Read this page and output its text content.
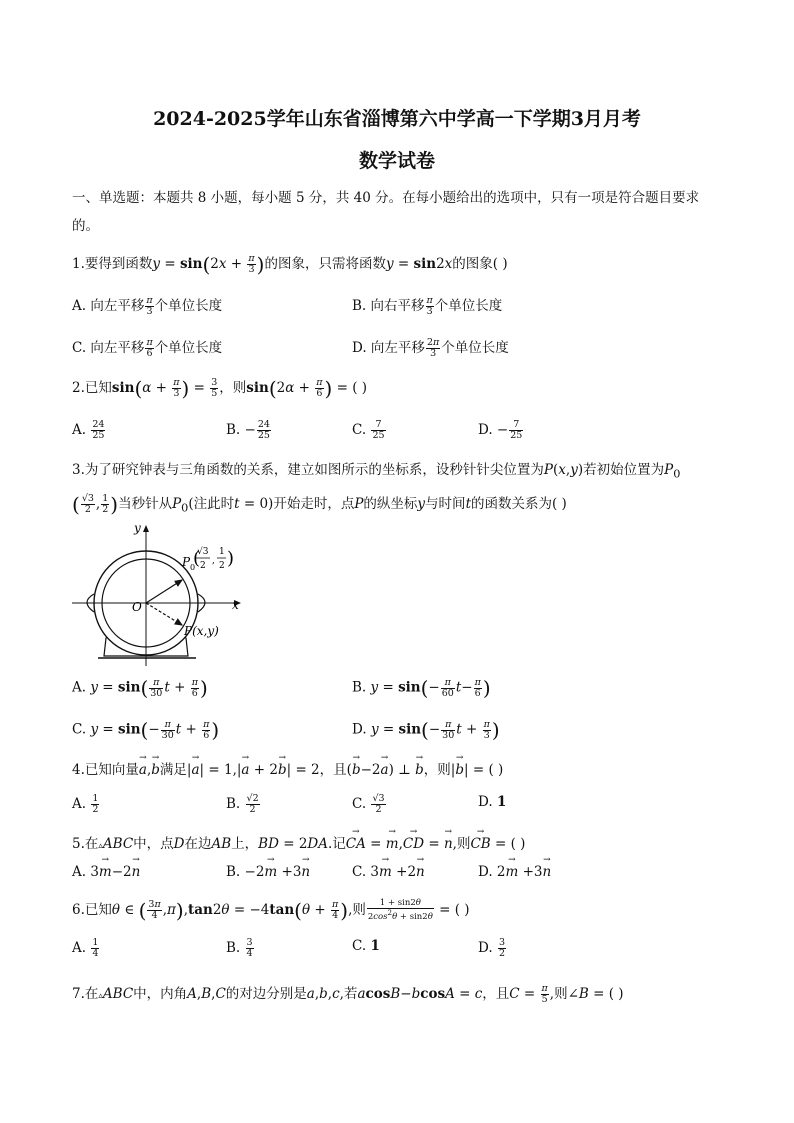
2024-2025学年山东省淄博第六中学高一下学期3月月考
数学试卷
一、单选题：本题共 8 小题，每小题 5 分，共 40 分。在每小题给出的选项中，只有一项是符合题目要求
的。
1.要得到函数$y = \sin(2x + \frac{\pi}{3}$ )的图象，只需将函数y = sin2x的图象( )
A. 向左平移 $\frac{\pi}{3}$ 个单位长度	B. 向右平移 $\frac{\pi}{3}$ 个单位长度
C. 向左平移 $\frac{\pi}{6}$ 个单位长度	D. 向左平移 $\frac{2\pi}{3}$ 个单位长度
2.已知$\sin(\alpha + \frac{\pi}{3}$ ) = $\frac{3}{5}$ ，则$\sin(2\alpha + \frac{\pi}{6}$ ) = ( )
A. $\frac{24}{25}$	B. − $\frac{24}{25}$	C. $\frac{7}{25}$	D. − $\frac{7}{25}$
3.为了研究钟表与三角函数的关系，建立如图所示的坐标系，设秒针针尖位置为P(x,y)若初始位置为$P_0$
( $\frac{√3}{2}$ , $\frac{1}{2}$ )当秒针从$P_0$(注此时t = 0)开始走时，点P的纵坐标y与时间t的函数关系为( )
y
x
O
P 0
√3
2 ,
1
2
( )
P(x,y)
A. $y = \sin( \frac{\pi}{30}$ $t + \frac{\pi}{6}$ )	B. $y = \sin(- \frac{\pi}{60} t- \frac{\pi}{6}$ )
C. $y = \sin(- \frac{\pi}{30}$ $t + \frac{\pi}{6}$ )	D. $y = \sin(- \frac{\pi}{30}$ $t + \frac{\pi}{3}$ )
4.已知向量→ a,→ b满足|→ a| = 1,|→ a + 2→ b| = 2，且(→ b−2→ a) ⊥ → b，则|→ b| = ( )
A. $\frac{1}{2}$	B. $\frac{√2}{2}$	C. $\frac{√3}{2}$	D. 1
5.在▵ABC中，点D在边AB上，BD = 2DA.记→ CA = → m,→ CD = → n,则→ CB = ( )
A. 3→ m−2→ n	B. −2→ m +3→ n	C. 3→ m +2→ n	D. 2→ m +3→ n
6.已知θ ∈ ( $\frac{3\pi}{4} ,\pi),\tan 2\theta = -4\tan(\theta + \frac{\pi}{4}$ ),则 $\frac{1 + \sin 2\theta}{2\cos^2\theta + \sin 2\theta}$ = ( )
A. $\frac{1}{4}$	B. $\frac{3}{4}$	C. 1	D. $\frac{3}{2}$
7.在▵ABC中，内角A,B,C的对边分别是a,b,c,若acosB−bcosA = c，且$C = \frac{\pi}{5}$ ,则∠B = ( )
